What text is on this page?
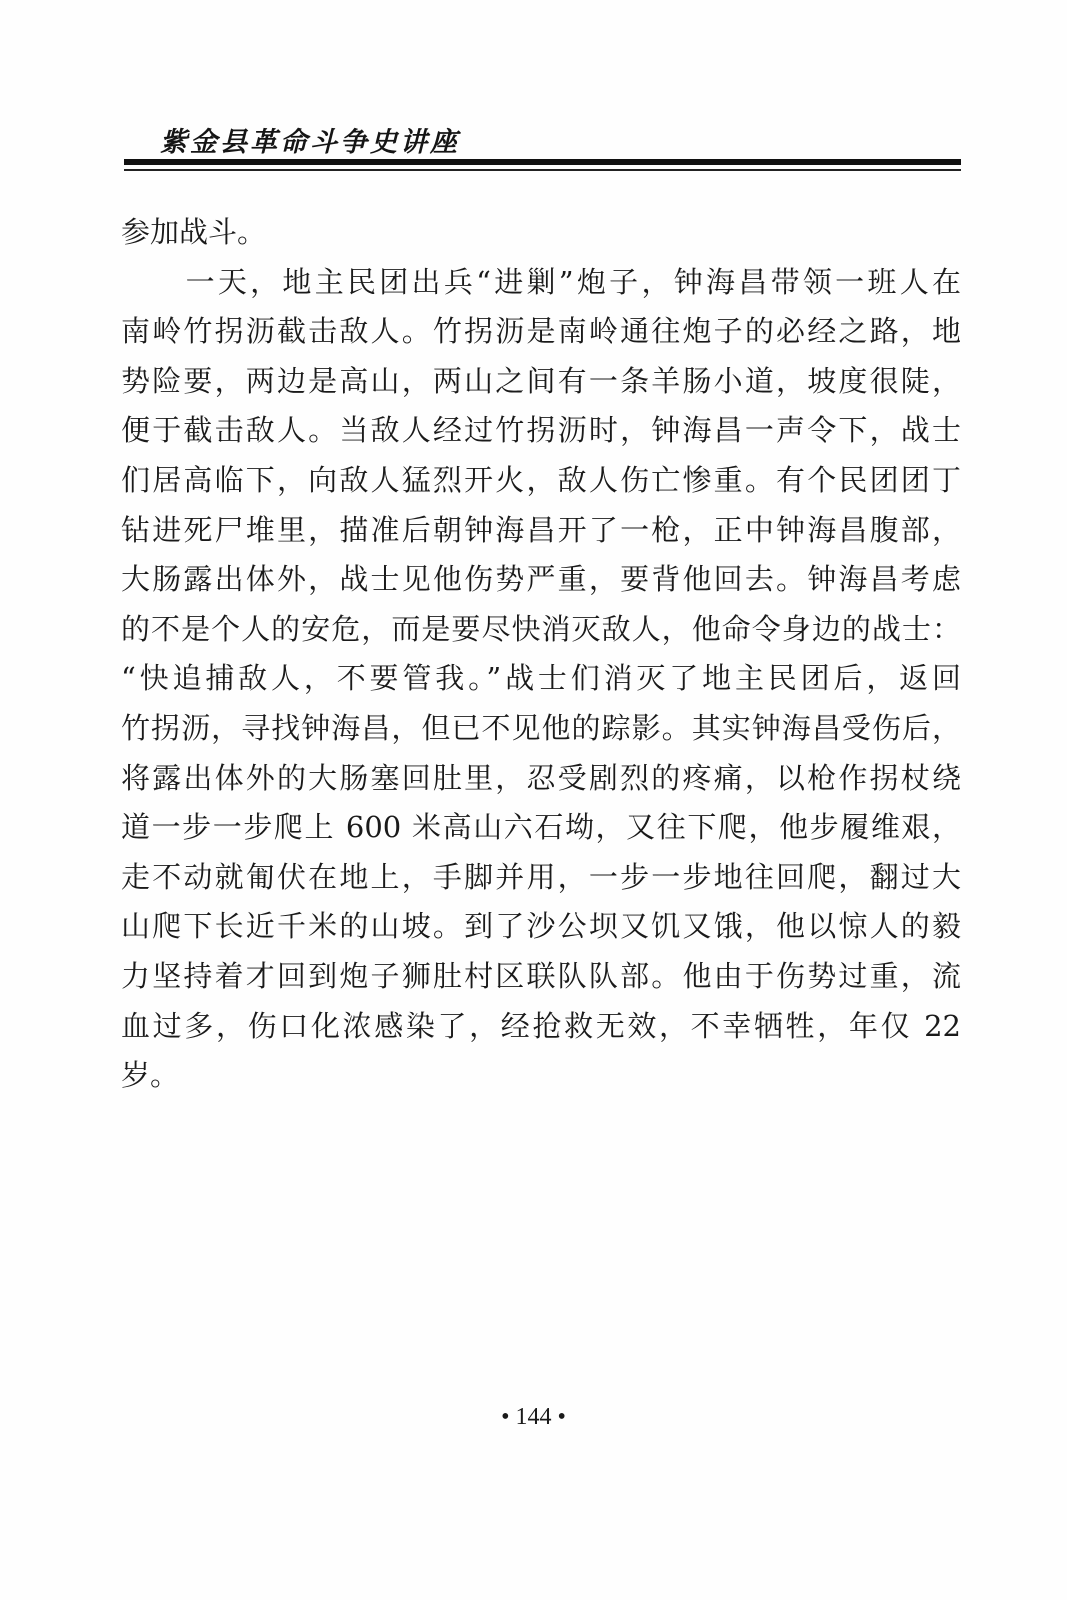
紫金县革命斗争史讲座
参加战斗。
　　一天，地主民团出兵“进剿”炮子，钟海昌带领一班人在
南岭竹拐沥截击敌人。竹拐沥是南岭通往炮子的必经之路，地
势险要，两边是高山，两山之间有一条羊肠小道，坡度很陡，
便于截击敌人。当敌人经过竹拐沥时，钟海昌一声令下，战士
们居高临下，向敌人猛烈开火，敌人伤亡惨重。有个民团团丁
钻进死尸堆里，描准后朝钟海昌开了一枪，正中钟海昌腹部，
大肠露出体外，战士见他伤势严重，要背他回去。钟海昌考虑
的不是个人的安危，而是要尽快消灭敌人，他命令身边的战士：
“快追捕敌人，不要管我。”战士们消灭了地主民团后，返回
竹拐沥，寻找钟海昌，但已不见他的踪影。其实钟海昌受伤后，
将露出体外的大肠塞回肚里，忍受剧烈的疼痛，以枪作拐杖绕
道一步一步爬上 600 米高山六石坳，又往下爬，他步履维艰，
走不动就匍伏在地上，手脚并用，一步一步地往回爬，翻过大
山爬下长近千米的山坡。到了沙公坝又饥又饿，他以惊人的毅
力坚持着才回到炮子狮肚村区联队队部。他由于伤势过重，流
血过多，伤口化浓感染了，经抢救无效，不幸牺牲，年仅 22
岁。
• 144 •
